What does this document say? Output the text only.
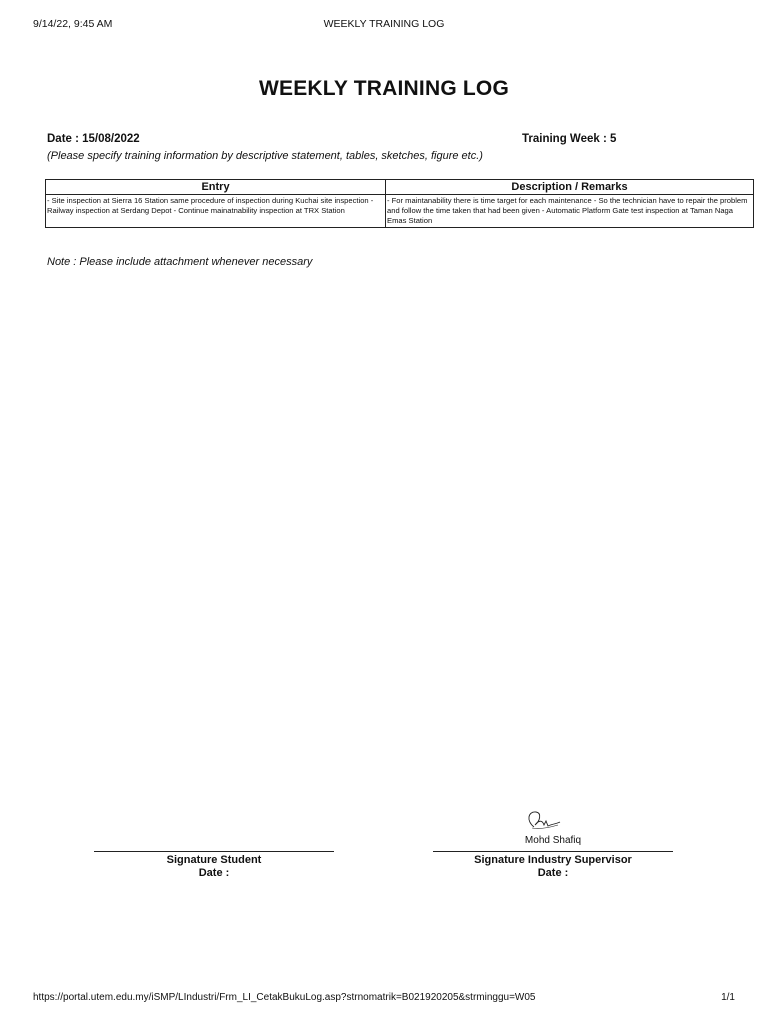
9/14/22, 9:45 AM	WEEKLY TRAINING LOG
WEEKLY TRAINING LOG
Date : 15/08/2022	Training Week : 5
(Please specify training information by descriptive statement, tables, sketches, figure etc.)
Entry	Description / Remarks
- Site inspection at Sierra 16 Station same procedure of inspection during Kuchai site inspection - Railway inspection at Serdang Depot - Continue mainatnability inspection at TRX Station	- For maintanability there is time target for each maintenance - So the technician have to repair the problem and follow the time taken that had been given - Automatic Platform Gate test inspection at Taman Naga Emas Station
Note : Please include attachment whenever necessary
Mohd Shafiq
Signature Student
Date :
Signature Industry Supervisor
Date :
https://portal.utem.edu.my/iSMP/LIndustri/Frm_LI_CetakBukuLog.asp?strnomatrik=B021920205&strminggu=W05	1/1
